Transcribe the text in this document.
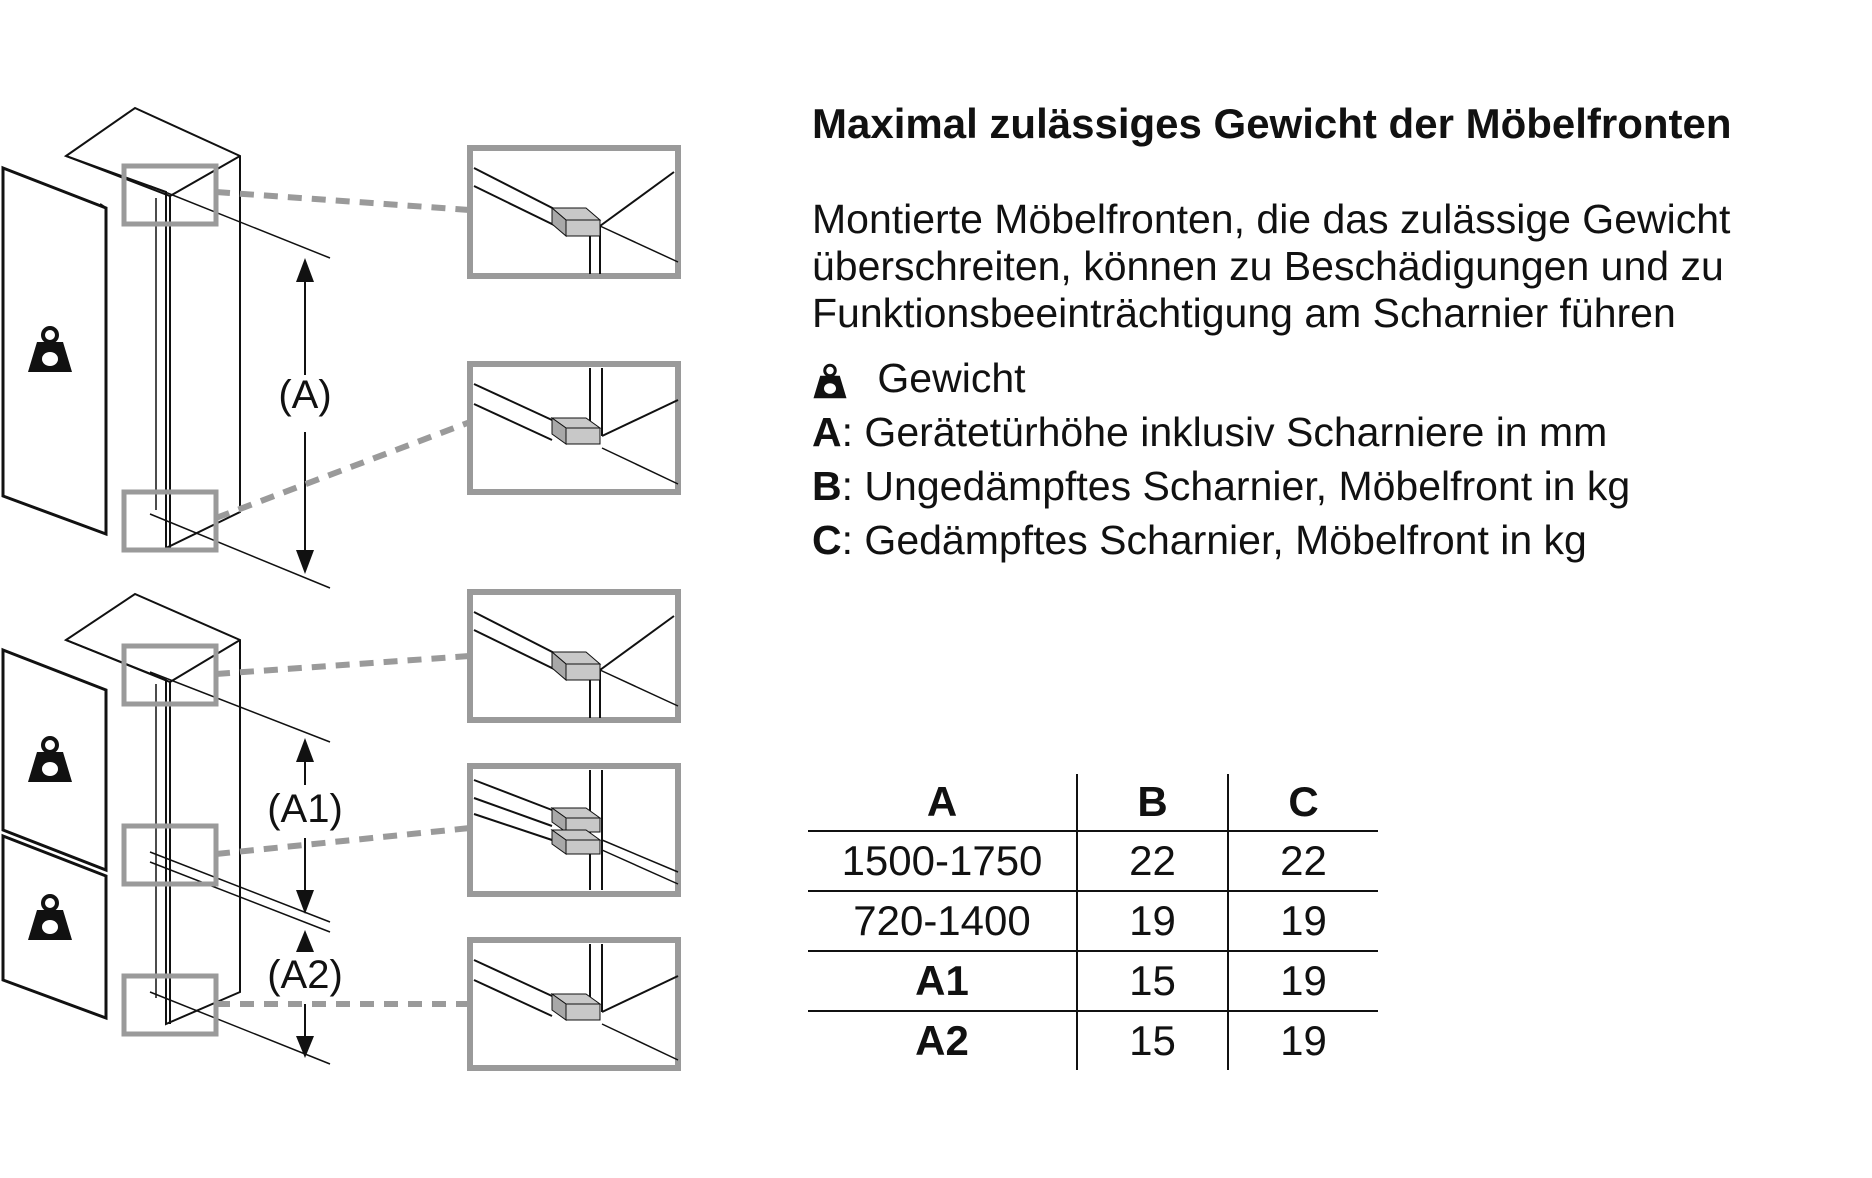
(A)
(A1)
(A2)
Maximal zulässiges Gewicht der Möbelfronten

Montierte Möbelfronten, die das zulässige Gewicht
überschreiten, können zu Beschädigungen und zu
Funktionsbeeinträchtigung am Scharnier führen

Gewicht
A: Gerätetürhöhe inklusiv Scharniere in mm
B: Ungedämpftes Scharnier, Möbelfront in kg
C: Gedämpftes Scharnier, Möbelfront in kg
A	B	C
1500-1750	22	22
720-1400	19	19
A1	15	19
A2	15	19
